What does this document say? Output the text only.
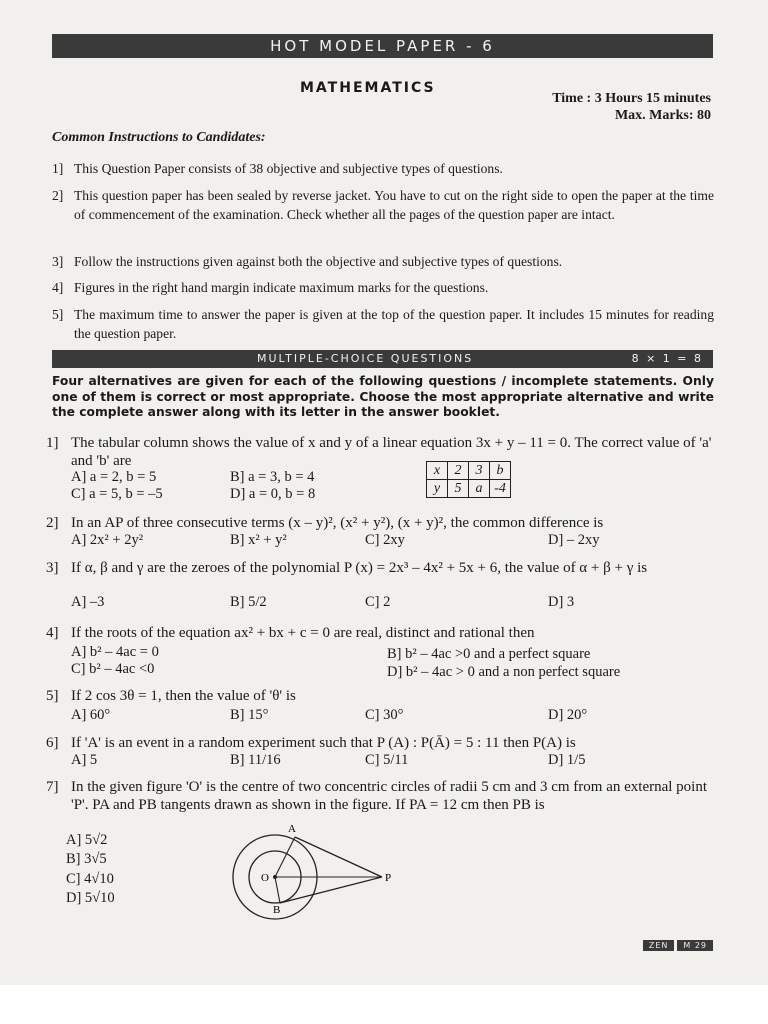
HOT MODEL PAPER - 6
MATHEMATICS
Time : 3 Hours 15 minutes
Max. Marks: 80
Common Instructions to Candidates:
1] This Question Paper consists of 38 objective and subjective types of questions.
2] This question paper has been sealed by reverse jacket. You have to cut on the right side to open the paper at the time of commencement of the examination. Check whether all the pages of the question paper are intact.
3] Follow the instructions given against both the objective and subjective types of questions.
4] Figures in the right hand margin indicate maximum marks for the questions.
5] The maximum time to answer the paper is given at the top of the question paper. It includes 15 minutes for reading the question paper.
MULTIPLE-CHOICE QUESTIONS	8 × 1 = 8
Four alternatives are given for each of the following questions / incomplete statements. Only one of them is correct or most appropriate. Choose the most appropriate alternative and write the complete answer along with its letter in the answer booklet.
1] The tabular column shows the value of x and y of a linear equation 3x + y – 11 = 0. The correct value of 'a' and 'b' are
A] a = 2, b = 5	B] a = 3, b = 4
C] a = 5, b = –5	D] a = 0, b = 8
x	2	3	b
y	5	a	-4
2] In an AP of three consecutive terms (x – y)², (x² + y²), (x + y)², the common difference is
A] 2x² + 2y²	B] x² + y²	C] 2xy	D] – 2xy
3] If α, β and γ are the zeroes of the polynomial P (x) = 2x³ – 4x² + 5x + 6, the value of α + β + γ is
A] –3	B] 5/2	C] 2	D] 3
4] If the roots of the equation ax² + bx + c = 0 are real, distinct and rational then
A] b² – 4ac = 0	B] b² – 4ac >0 and a perfect square
C] b² – 4ac <0	D] b² – 4ac > 0 and a non perfect square
5] If 2 cos 3θ = 1, then the value of 'θ' is
A] 60°	B] 15°	C] 30°	D] 20°
6] If 'A' is an event in a random experiment such that P (A) : P(Ā) = 5 : 11 then P(A) is
A] 5	B] 11/16	C] 5/11	D] 1/5
7] In the given figure 'O' is the centre of two concentric circles of radii 5 cm and 3 cm from an external point 'P'. PA and PB tangents drawn as shown in the figure. If PA = 12 cm then PB is
A] 5√2
B] 3√5
C] 4√10
D] 5√10
A
B
O	P
ZEN	M 29
